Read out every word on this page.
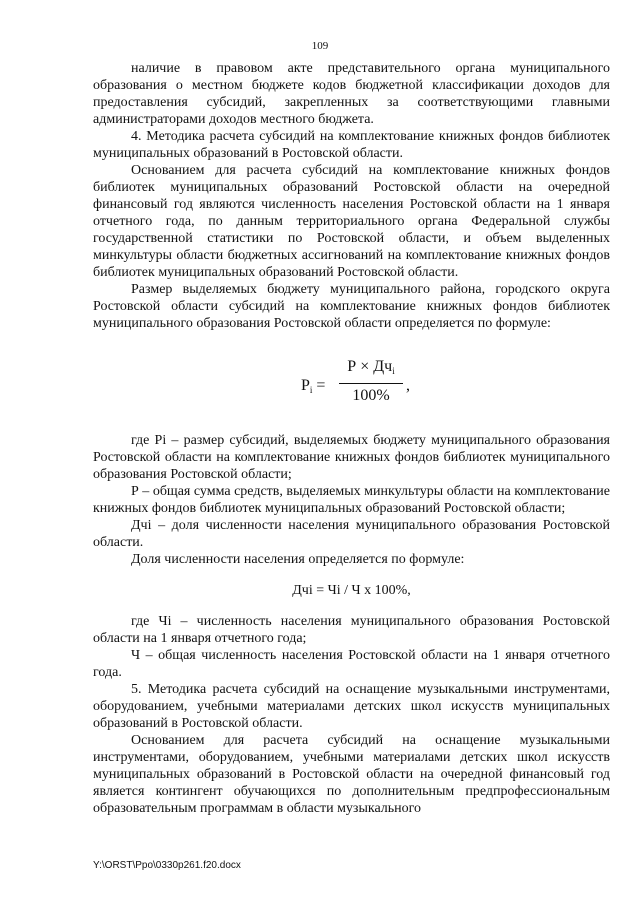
109

наличие в правовом акте представительного органа муниципального образования о местном бюджете кодов бюджетной классификации доходов для предоставления субсидий, закрепленных за соответствующими главными администраторами доходов местного бюджета.

4. Методика расчета субсидий на комплектование книжных фондов библиотек муниципальных образований в Ростовской области.

Основанием для расчета субсидий на комплектование книжных фондов библиотек муниципальных образований Ростовской области на очередной финансовый год являются численность населения Ростовской области на 1 января отчетного года, по данным территориального органа Федеральной службы государственной статистики по Ростовской области, и объем выделенных минкультуры области бюджетных ассигнований на комплектование книжных фондов библиотек муниципальных образований Ростовской области.

Размер выделяемых бюджету муниципального района, городского округа Ростовской области субсидий на комплектование книжных фондов библиотек муниципального образования Ростовской области определяется по формуле:

$P_i$ =
$Р \times Дч_i$
100%
,

где Pi – размер субсидий, выделяемых бюджету муниципального образования Ростовской области на комплектование книжных фондов библиотек муниципального образования Ростовской области;

Р – общая сумма средств, выделяемых минкультуры области на комплектование книжных фондов библиотек муниципальных образований Ростовской области;

Дчi – доля численности населения муниципального образования Ростовской области.

Доля численности населения определяется по формуле:

Дчi = Чi / Ч x 100%,

где Чi – численность населения муниципального образования Ростовской области на 1 января отчетного года;

Ч – общая численность населения Ростовской области на 1 января отчетного года.

5. Методика расчета субсидий на оснащение музыкальными инструментами, оборудованием, учебными материалами детских школ искусств муниципальных образований в Ростовской области.

Основанием для расчета субсидий на оснащение музыкальными инструментами, оборудованием, учебными материалами детских школ искусств муниципальных образований в Ростовской области на очередной финансовый год является контингент обучающихся по дополнительным предпрофессиональным образовательным программам в области музыкального

Y:\ORST\Ppo\0330p261.f20.docx
